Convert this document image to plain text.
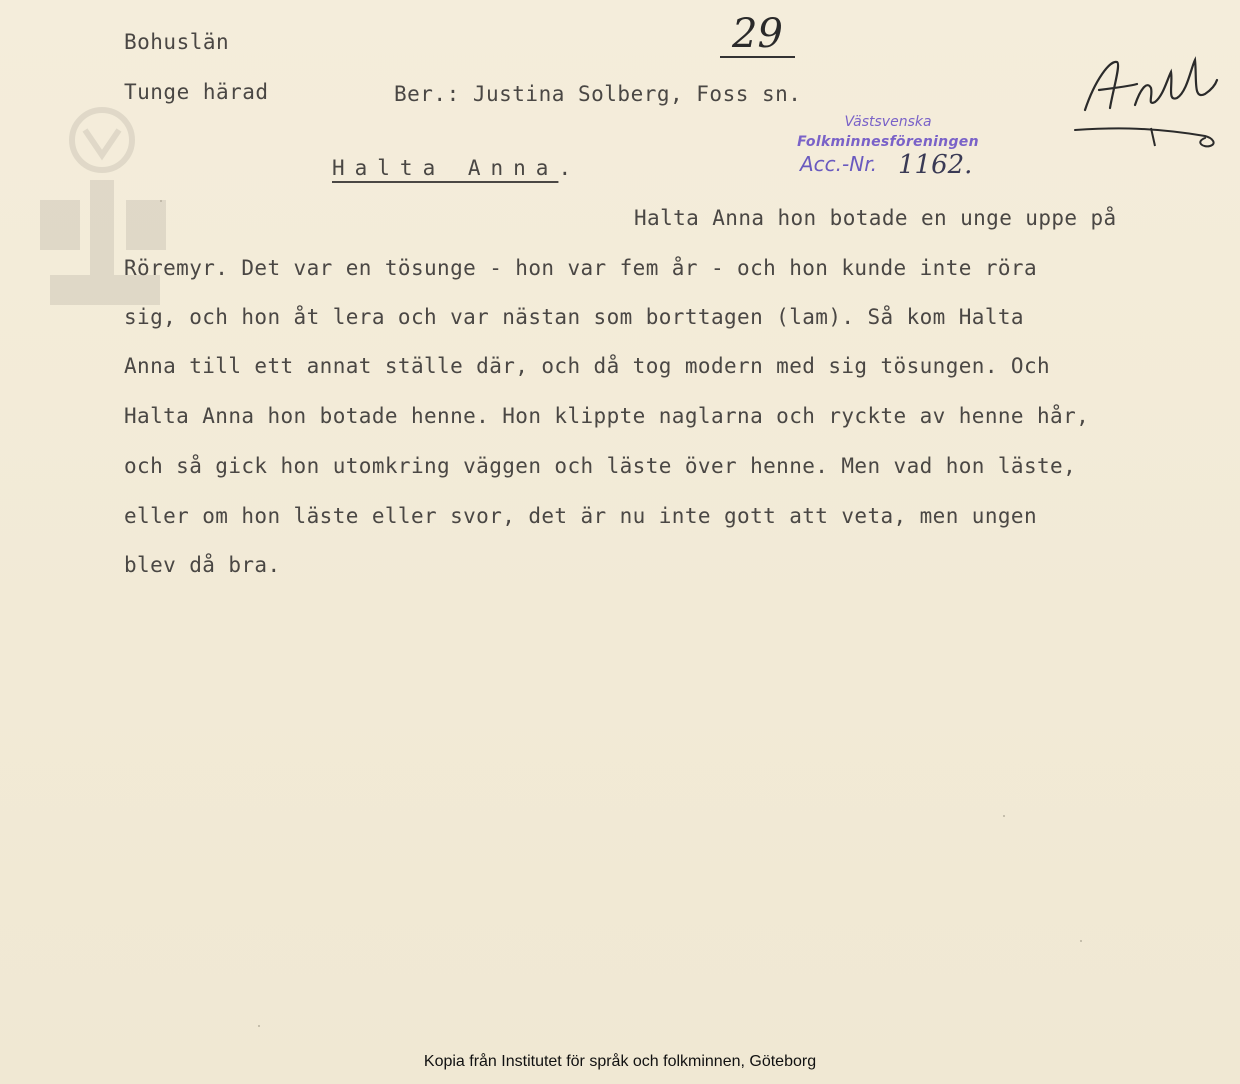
Bohuslän
Tunge härad	Ber.: Justina Solberg, Foss sn.
29
Västsvenska
Folkminnesföreningen
Acc.-Nr. 1162.
Halta Anna.
Halta Anna hon botade en unge uppe på
Röremyr. Det var en tösunge - hon var fem år - och hon kunde inte röra
sig, och hon åt lera och var nästan som borttagen (lam). Så kom Halta
Anna till ett annat ställe där, och då tog modern med sig tösungen. Och
Halta Anna hon botade henne. Hon klippte naglarna och ryckte av henne hår,
och så gick hon utomkring väggen och läste över henne. Men vad hon läste,
eller om hon läste eller svor, det är nu inte gott att veta, men ungen
blev då bra.
Kopia från Institutet för språk och folkminnen, Göteborg
